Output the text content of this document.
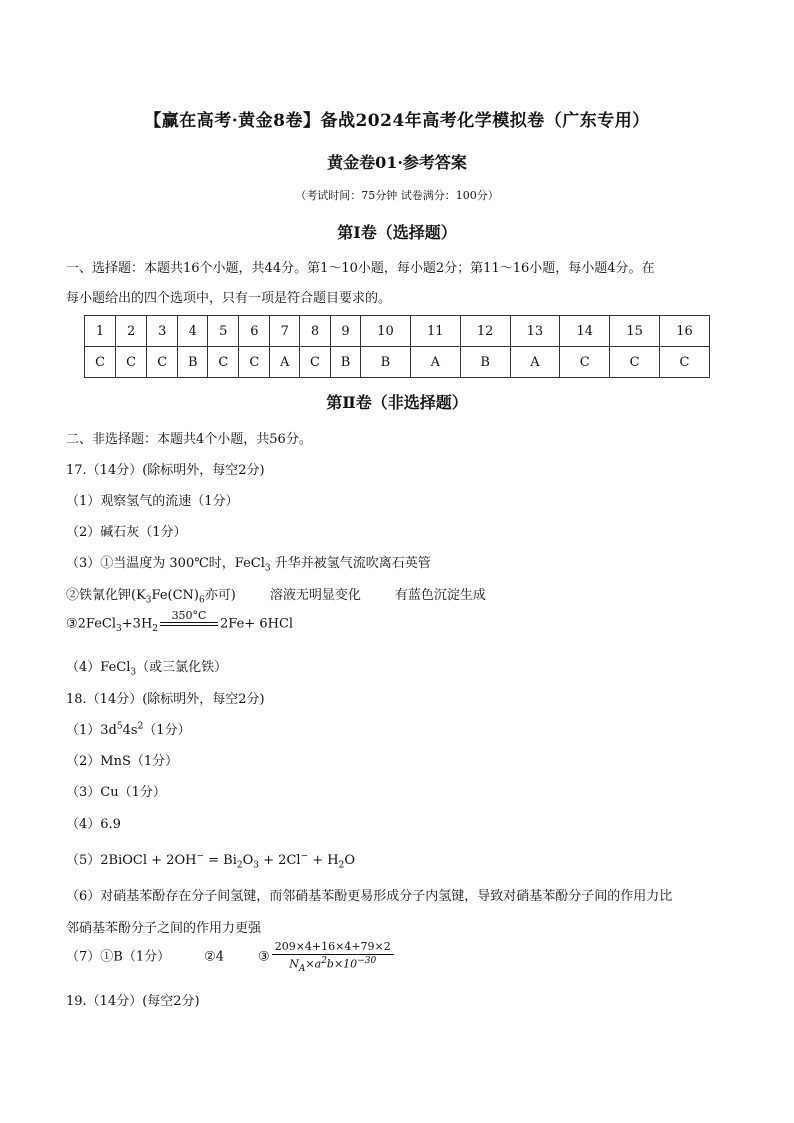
【赢在高考·黄金8卷】备战2024年高考化学模拟卷（广东专用）
黄金卷01·参考答案
（考试时间：75分钟 试卷满分：100分）
第I卷（选择题）
一、选择题：本题共16个小题，共44分。第1～10小题，每小题2分；第11～16小题，每小题4分。在
每小题给出的四个选项中，只有一项是符合题目要求的。
1	2	3	4	5	6	7	8	9	10	11	12	13	14	15	16
C	C	C	B	C	C	A	C	B	B	A	B	A	C	C	C
第Ⅱ卷（非选择题）
二、非选择题：本题共4个小题，共56分。
17.（14分）(除标明外，每空2分)
（1）观察氢气的流速（1分）
（2）碱石灰（1分）
（3）①当温度为 300℃时，FeCl$_3$ 升华并被氢气流吹离石英管
②铁氰化钾($K_3Fe(CN)_6$亦可)	溶液无明显变化	有蓝色沉淀生成
$③2FeCl_3+3H_2$
350°C

2Fe+ 6HCl
（4）FeCl$_3$（或三氯化铁）
18.（14分）(除标明外，每空2分)
$(1)3d^54s^2(1$分）
（2）MnS（1分）
（3）Cu（1分）
（4）6.9
（5）2BiOCl + $2OH^- = Bi_2O_3 + 2Cl^- + H_2O$
（6）对硝基苯酚存在分子间氢键，而邻硝基苯酚更易形成分子内氢键，导致对硝基苯酚分子间的作用力比
邻硝基苯酚分子之间的作用力更强
（7）①B（1分）	②4	③ $\frac{209\times 4+16\times 4+79\times 2}{N_A\times a^2b\times 10^{-30}}$
19.（14分）(每空2分)
